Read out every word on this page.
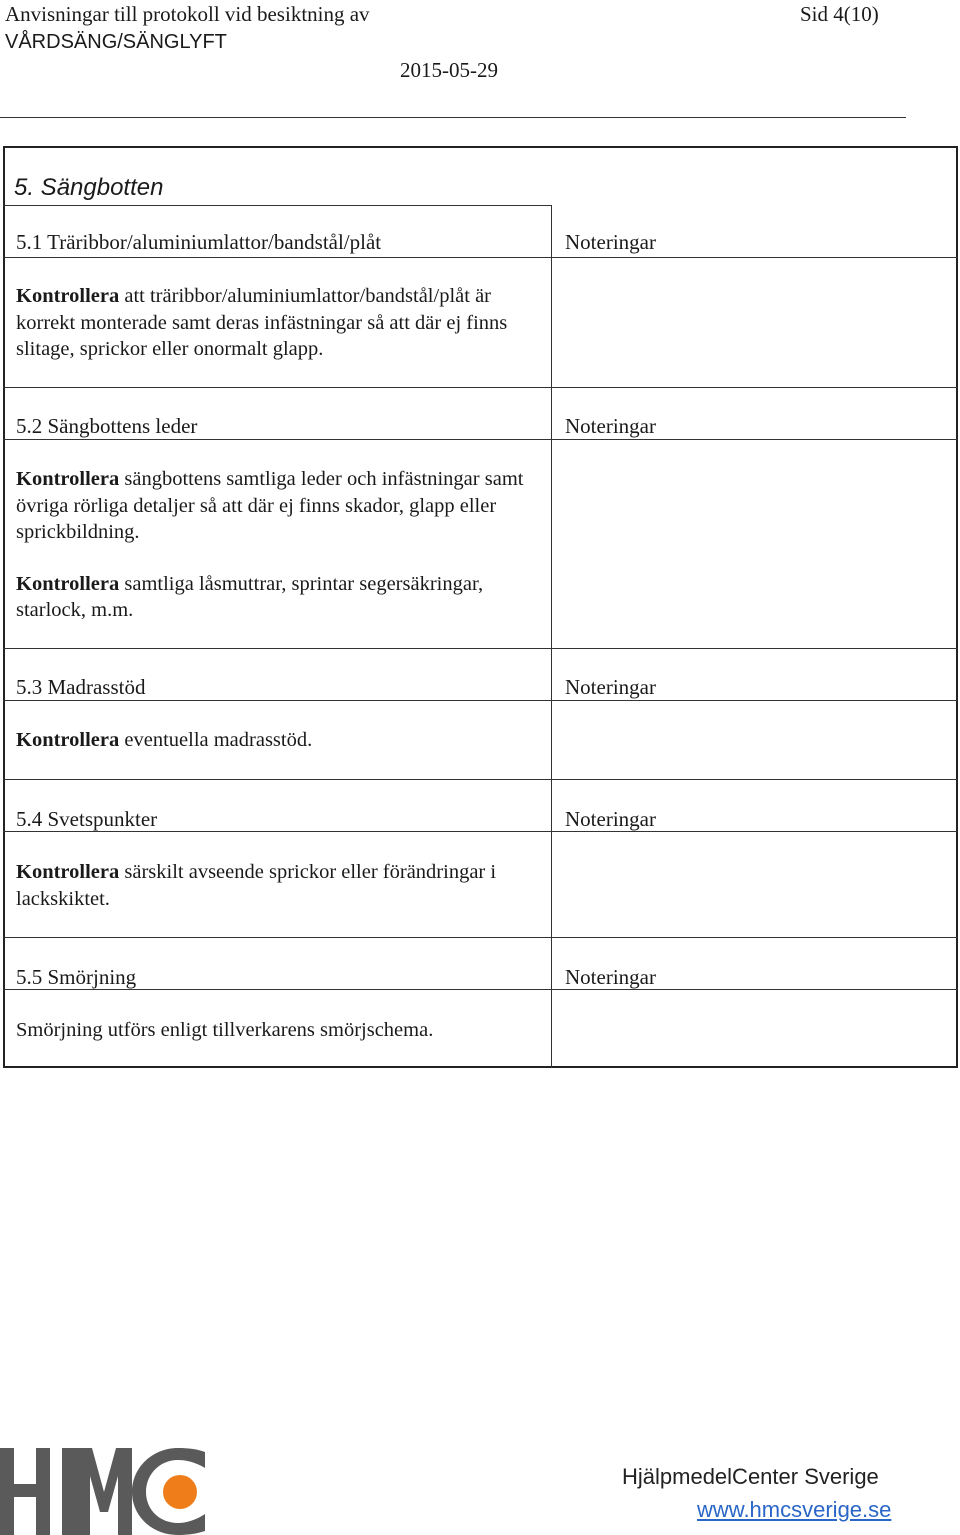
Anvisningar till protokoll vid besiktning av
VÅRDSÄNG/SÄNGLYFT
Sid 4(10)
2015-05-29
5. Sängbotten
5.1 Träribbor/aluminiumlattor/bandstål/plåt	Noteringar
Kontrollera att träribbor/aluminiumlattor/bandstål/plåt är korrekt monterade samt deras infästningar så att där ej finns slitage, sprickor eller onormalt glapp.
5.2 Sängbottens leder	Noteringar
Kontrollera sängbottens samtliga leder och infästningar samt övriga rörliga detaljer så att där ej finns skador, glapp eller sprickbildning.
Kontrollera samtliga låsmuttrar, sprintar segersäkringar, starlock, m.m.
5.3 Madrasstöd	Noteringar
Kontrollera eventuella madrasstöd.
5.4 Svetspunkter	Noteringar
Kontrollera särskilt avseende sprickor eller förändringar i lackskiktet.
5.5 Smörjning	Noteringar
Smörjning utförs enligt tillverkarens smörjschema.
HjälpmedelCenter Sverige
www.hmcsverige.se
